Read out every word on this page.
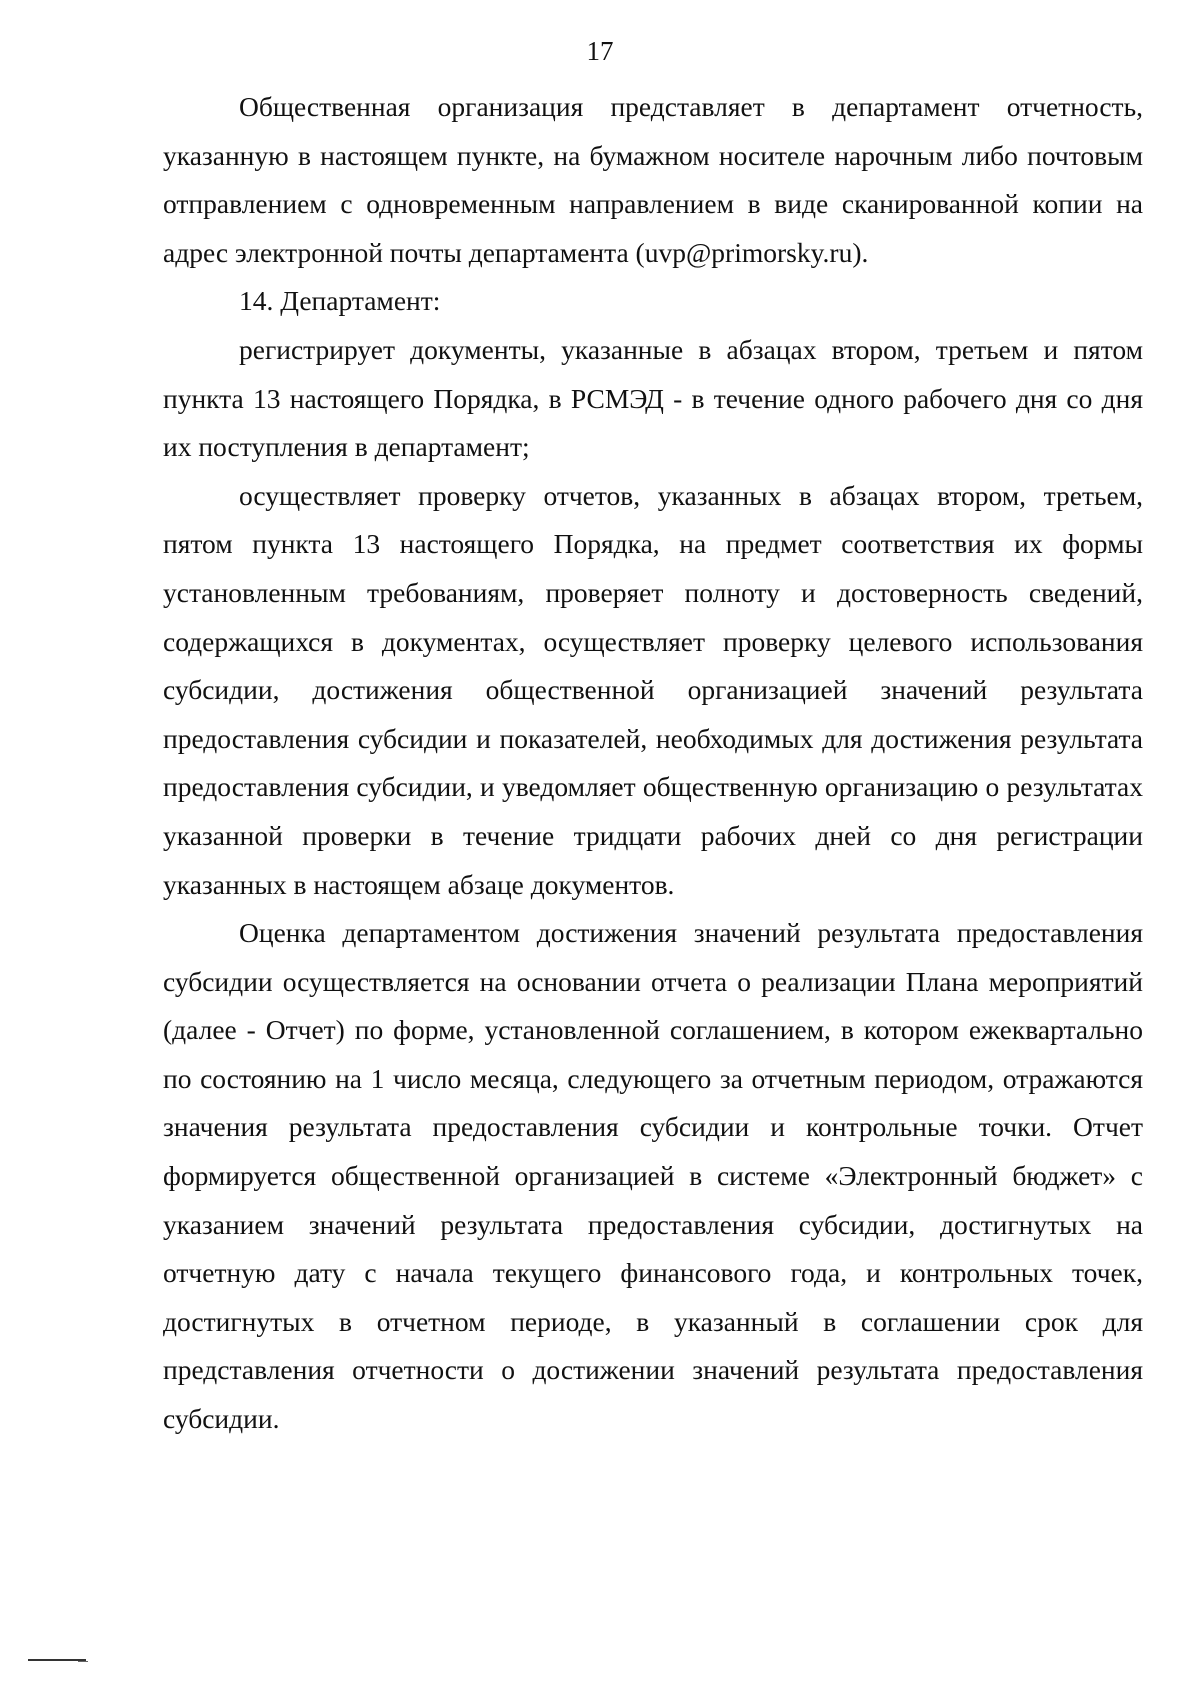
17

Общественная организация представляет в департамент отчетность, указанную в настоящем пункте, на бумажном носителе нарочным либо почтовым отправлением с одновременным направлением в виде сканированной копии на адрес электронной почты департамента (uvp@primorsky.ru).

14. Департамент:

регистрирует документы, указанные в абзацах втором, третьем и пятом пункта 13 настоящего Порядка, в РСМЭД - в течение одного рабочего дня со дня их поступления в департамент;

осуществляет проверку отчетов, указанных в абзацах втором, третьем, пятом пункта 13 настоящего Порядка, на предмет соответствия их формы установленным требованиям, проверяет полноту и достоверность сведений, содержащихся в документах, осуществляет проверку целевого использования субсидии, достижения общественной организацией значений результата предоставления субсидии и показателей, необходимых для достижения результата предоставления субсидии, и уведомляет общественную организацию о результатах указанной проверки в течение тридцати рабочих дней со дня регистрации указанных в настоящем абзаце документов.

Оценка департаментом достижения значений результата предоставления субсидии осуществляется на основании отчета о реализации Плана мероприятий (далее - Отчет) по форме, установленной соглашением, в котором ежеквартально по состоянию на 1 число месяца, следующего за отчетным периодом, отражаются значения результата предоставления субсидии и контрольные точки. Отчет формируется общественной организацией в системе «Электронный бюджет» с указанием значений результата предоставления субсидии, достигнутых на отчетную дату с начала текущего финансового года, и контрольных точек, достигнутых в отчетном периоде, в указанный в соглашении срок для представления отчетности о достижении значений результата предоставления субсидии.
